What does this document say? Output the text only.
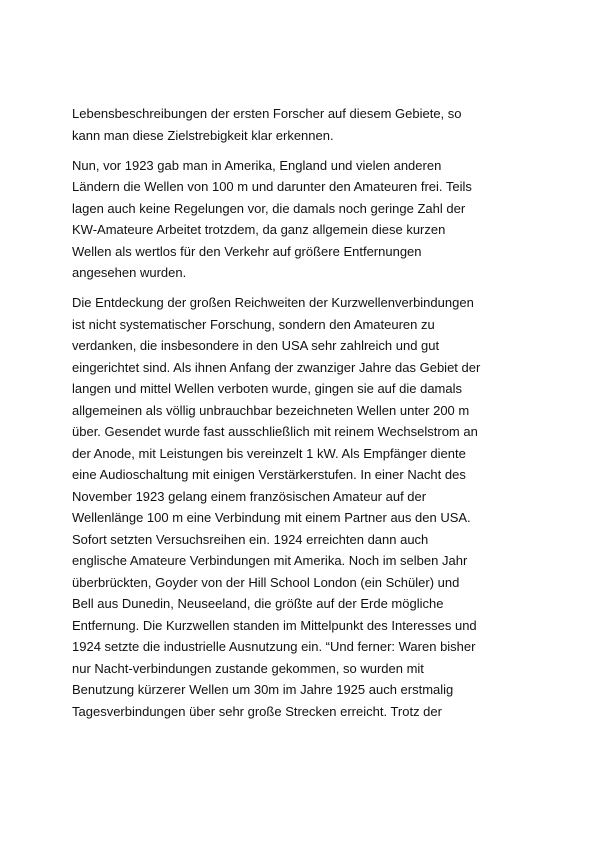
Lebensbeschreibungen der ersten Forscher auf diesem Gebiete, so
kann man diese Zielstrebigkeit klar erkennen.

Nun, vor 1923 gab man in Amerika, England und vielen anderen
Ländern die Wellen von 100 m und darunter den Amateuren frei. Teils
lagen auch keine Regelungen vor, die damals noch geringe Zahl der
KW-Amateure Arbeitet trotzdem, da ganz allgemein diese kurzen
Wellen als wertlos für den Verkehr auf größere Entfernungen
angesehen wurden.

Die Entdeckung der großen Reichweiten der Kurzwellenverbindungen
ist nicht systematischer Forschung, sondern den Amateuren zu
verdanken, die insbesondere in den USA sehr zahlreich und gut
eingerichtet sind. Als ihnen Anfang der zwanziger Jahre das Gebiet der
langen und mittel Wellen verboten wurde, gingen sie auf die damals
allgemeinen als völlig unbrauchbar bezeichneten Wellen unter 200 m
über. Gesendet wurde fast ausschließlich mit reinem Wechselstrom an
der Anode, mit Leistungen bis vereinzelt 1 kW. Als Empfänger diente
eine Audioschaltung mit einigen Verstärkerstufen. In einer Nacht des
November 1923 gelang einem französischen Amateur auf der
Wellenlänge 100 m eine Verbindung mit einem Partner aus den USA.
Sofort setzten Versuchsreihen ein. 1924 erreichten dann auch
englische Amateure Verbindungen mit Amerika. Noch im selben Jahr
überbrückten, Goyder von der Hill School London (ein Schüler) und
Bell aus Dunedin, Neuseeland, die größte auf der Erde mögliche
Entfernung. Die Kurzwellen standen im Mittelpunkt des Interesses und
1924 setzte die industrielle Ausnutzung ein. “Und ferner: Waren bisher
nur Nacht-verbindungen zustande gekommen, so wurden mit
Benutzung kürzerer Wellen um 30m im Jahre 1925 auch erstmalig
Tagesverbindungen über sehr große Strecken erreicht. Trotz der
